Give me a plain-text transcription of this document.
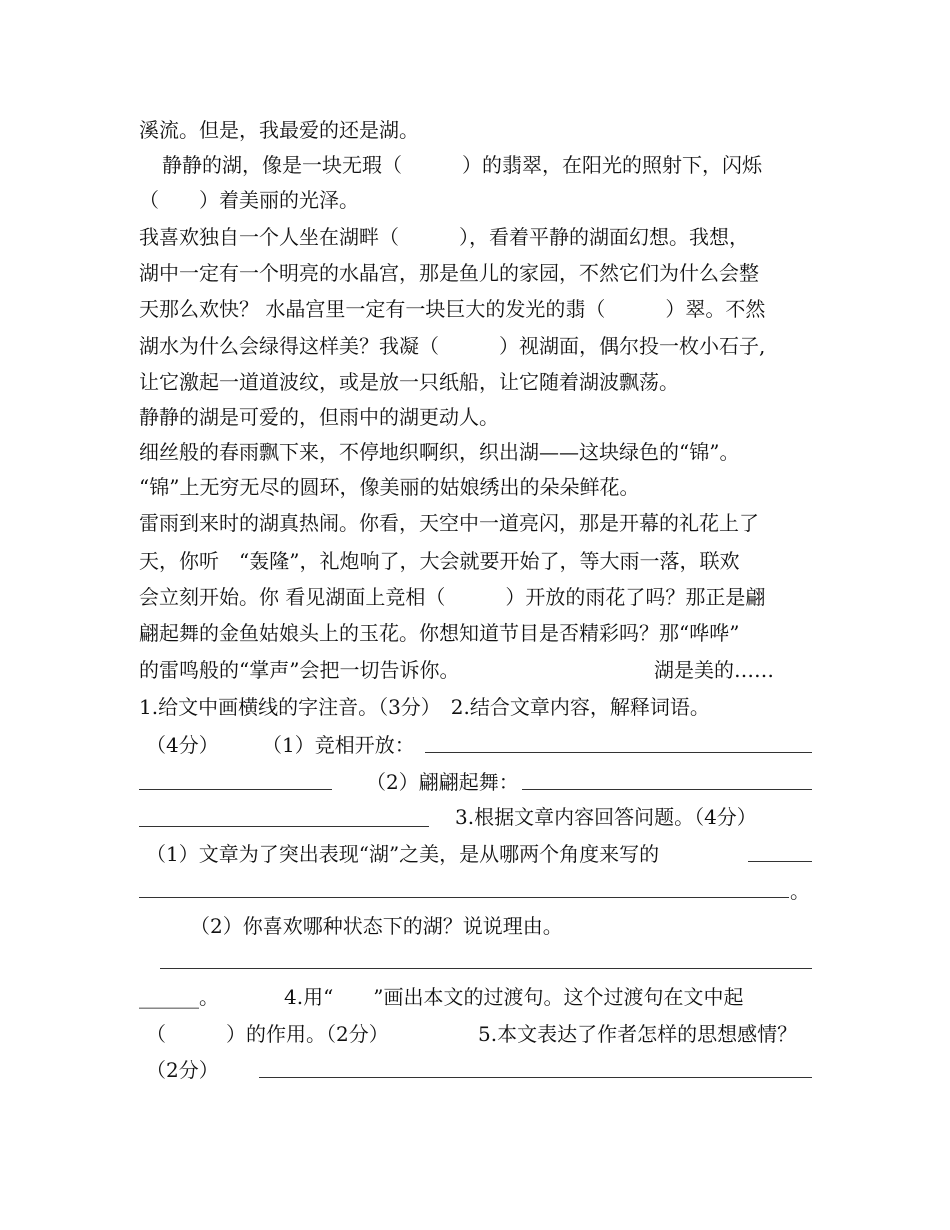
溪流。但是，我最爱的还是湖。
静静的湖，像是一块无瑕（　　　）的翡翠，在阳光的照射下，闪烁
（　　）着美丽的光泽。
我喜欢独自一个人坐在湖畔（　　　），看着平静的湖面幻想。我想，
湖中一定有一个明亮的水晶宫，那是鱼儿的家园，不然它们为什么会整
天那么欢快？ 水晶宫里一定有一块巨大的发光的翡（　　　）翠。不然
湖水为什么会绿得这样美？我凝（　　　）视湖面，偶尔投一枚小石子,
让它激起一道道波纹，或是放一只纸船，让它随着湖波飘荡。
静静的湖是可爱的，但雨中的湖更动人。
细丝般的春雨飘下来，不停地织啊织，织出湖——这块绿色的“锦”。
“锦”上无穷无尽的圆环，像美丽的姑娘绣出的朵朵鲜花。
雷雨到来时的湖真热闹。你看，天空中一道亮闪，那是开幕的礼花上了
天，你听　“轰隆”，礼炮响了，大会就要开始了，等大雨一落，联欢
会立刻开始。你 看见湖面上竞相（　　　）开放的雨花了吗？那正是翩
翩起舞的金鱼姑娘头上的玉花。你想知道节目是否精彩吗？那“哗哗”
的雷鸣般的“掌声”会把一切告诉你。	湖是美的……
1.给文中画横线的字注音。（3分）　2.结合文章内容，解释词语。
（4分） （1）竞相开放：
（2）翩翩起舞：
3.根据文章内容回答问题。（4分）
（1）文章为了突出表现“湖”之美，是从哪两个角度来写的
。
（2）你喜欢哪种状态下的湖？说说理由。
______。	4.用“　　”画出本文的过渡句。这个过渡句在文中起
（　　　）的作用。（2分）	5.本文表达了作者怎样的思想感情？
（2分）
